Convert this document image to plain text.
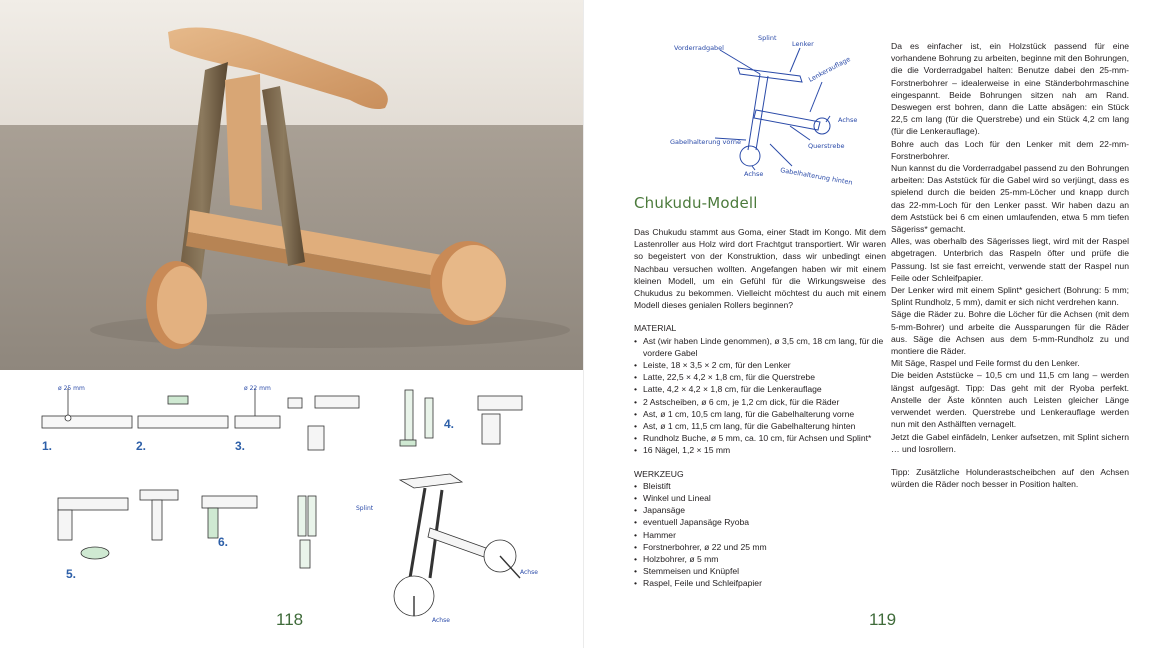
ø 25 mm	ø 22 mm
Splint
Achse
Achse
1.	2.	3.
4.
5.
6.
118
Vorderradgabel
Splint
Lenker
Lenkerauflage
Achse
Querstrebe
Gabelhalterung vorne
Achse Gabelhalterung hinten
Chukudu-Modell

Das Chukudu stammt aus Goma, einer Stadt im Kongo. Mit dem Lastenroller aus Holz wird dort Frachtgut transportiert. Wir waren so begeistert von der Konstruktion, dass wir unbedingt einen Nachbau versuchen wollten. Angefangen haben wir mit einem kleinen Modell, um ein Gefühl für die Wirkungsweise des Chukudus zu bekommen. Vielleicht möchtest du auch mit einem Modell dieses genialen Rollers beginnen?

MATERIAL
• Ast (wir haben Linde genommen), ø 3,5 cm, 18 cm lang, für die vordere Gabel
• Leiste, 18 × 3,5 × 2 cm, für den Lenker
• Latte, 22,5 × 4,2 × 1,8 cm, für die Querstrebe
• Latte, 4,2 × 4,2 × 1,8 cm, für die Lenkerauflage
• 2 Astscheiben, ø 6 cm, je 1,2 cm dick, für die Räder
• Ast, ø 1 cm, 10,5 cm lang, für die Gabelhalterung vorne
• Ast, ø 1 cm, 11,5 cm lang, für die Gabelhalterung hinten
• Rundholz Buche, ø 5 mm, ca. 10 cm, für Achsen und Splint*
• 16 Nägel, 1,2 × 15 mm
WERKZEUG
• Bleistift
• Winkel und Lineal
• Japansäge
• eventuell Japansäge Ryoba
• Hammer
• Forstnerbohrer, ø 22 und 25 mm
• Holzbohrer, ø 5 mm
• Stemmeisen und Knüpfel
• Raspel, Feile und Schleifpapier

Da es einfacher ist, ein Holzstück passend für eine vorhandene Bohrung zu arbeiten, beginne mit den Bohrungen, die die Vorderradgabel halten: Benutze dabei den 25-mm-Forstnerbohrer – idealerweise in eine Ständerbohrmaschine eingespannt. Beide Bohrungen sitzen nah am Rand. Deswegen erst bohren, dann die Latte absägen: ein Stück 22,5 cm lang (für die Querstrebe) und ein Stück 4,2 cm lang (für die Lenkerauflage).

Bohre auch das Loch für den Lenker mit dem 22-mm-Forstnerbohrer.

Nun kannst du die Vorderradgabel passend zu den Bohrungen arbeiten: Das Aststück für die Gabel wird so verjüngt, dass es spielend durch die beiden 25-mm-Löcher und knapp durch das 22-mm-Loch für den Lenker passt. Wir haben dazu an dem Aststück bei 6 cm einen umlaufenden, etwa 5 mm tiefen Sägeriss* gemacht.

Alles, was oberhalb des Sägerisses liegt, wird mit der Raspel abgetragen. Unterbrich das Raspeln öfter und prüfe die Passung. Ist sie fast erreicht, verwende statt der Raspel nun Feile oder Schleifpapier.

Der Lenker wird mit einem Splint* gesichert (Bohrung: 5 mm; Splint Rundholz, 5 mm), damit er sich nicht verdrehen kann.

Säge die Räder zu. Bohre die Löcher für die Achsen (mit dem 5-mm-Bohrer) und arbeite die Aussparungen für die Räder aus. Säge die Achsen aus dem 5-mm-Rundholz zu und montiere die Räder.

Mit Säge, Raspel und Feile formst du den Lenker.

Die beiden Aststücke – 10,5 cm und 11,5 cm lang – werden längst aufgesägt. Tipp: Das geht mit der Ryoba perfekt. Anstelle der Äste könnten auch Leisten gleicher Länge verwendet werden. Querstrebe und Lenkerauflage werden nun mit den Asthälften vernagelt.

Jetzt die Gabel einfädeln, Lenker aufsetzen, mit Splint sichern … und losrollern.

Tipp: Zusätzliche Holunderastscheibchen auf den Achsen würden die Räder noch besser in Position halten.

119
